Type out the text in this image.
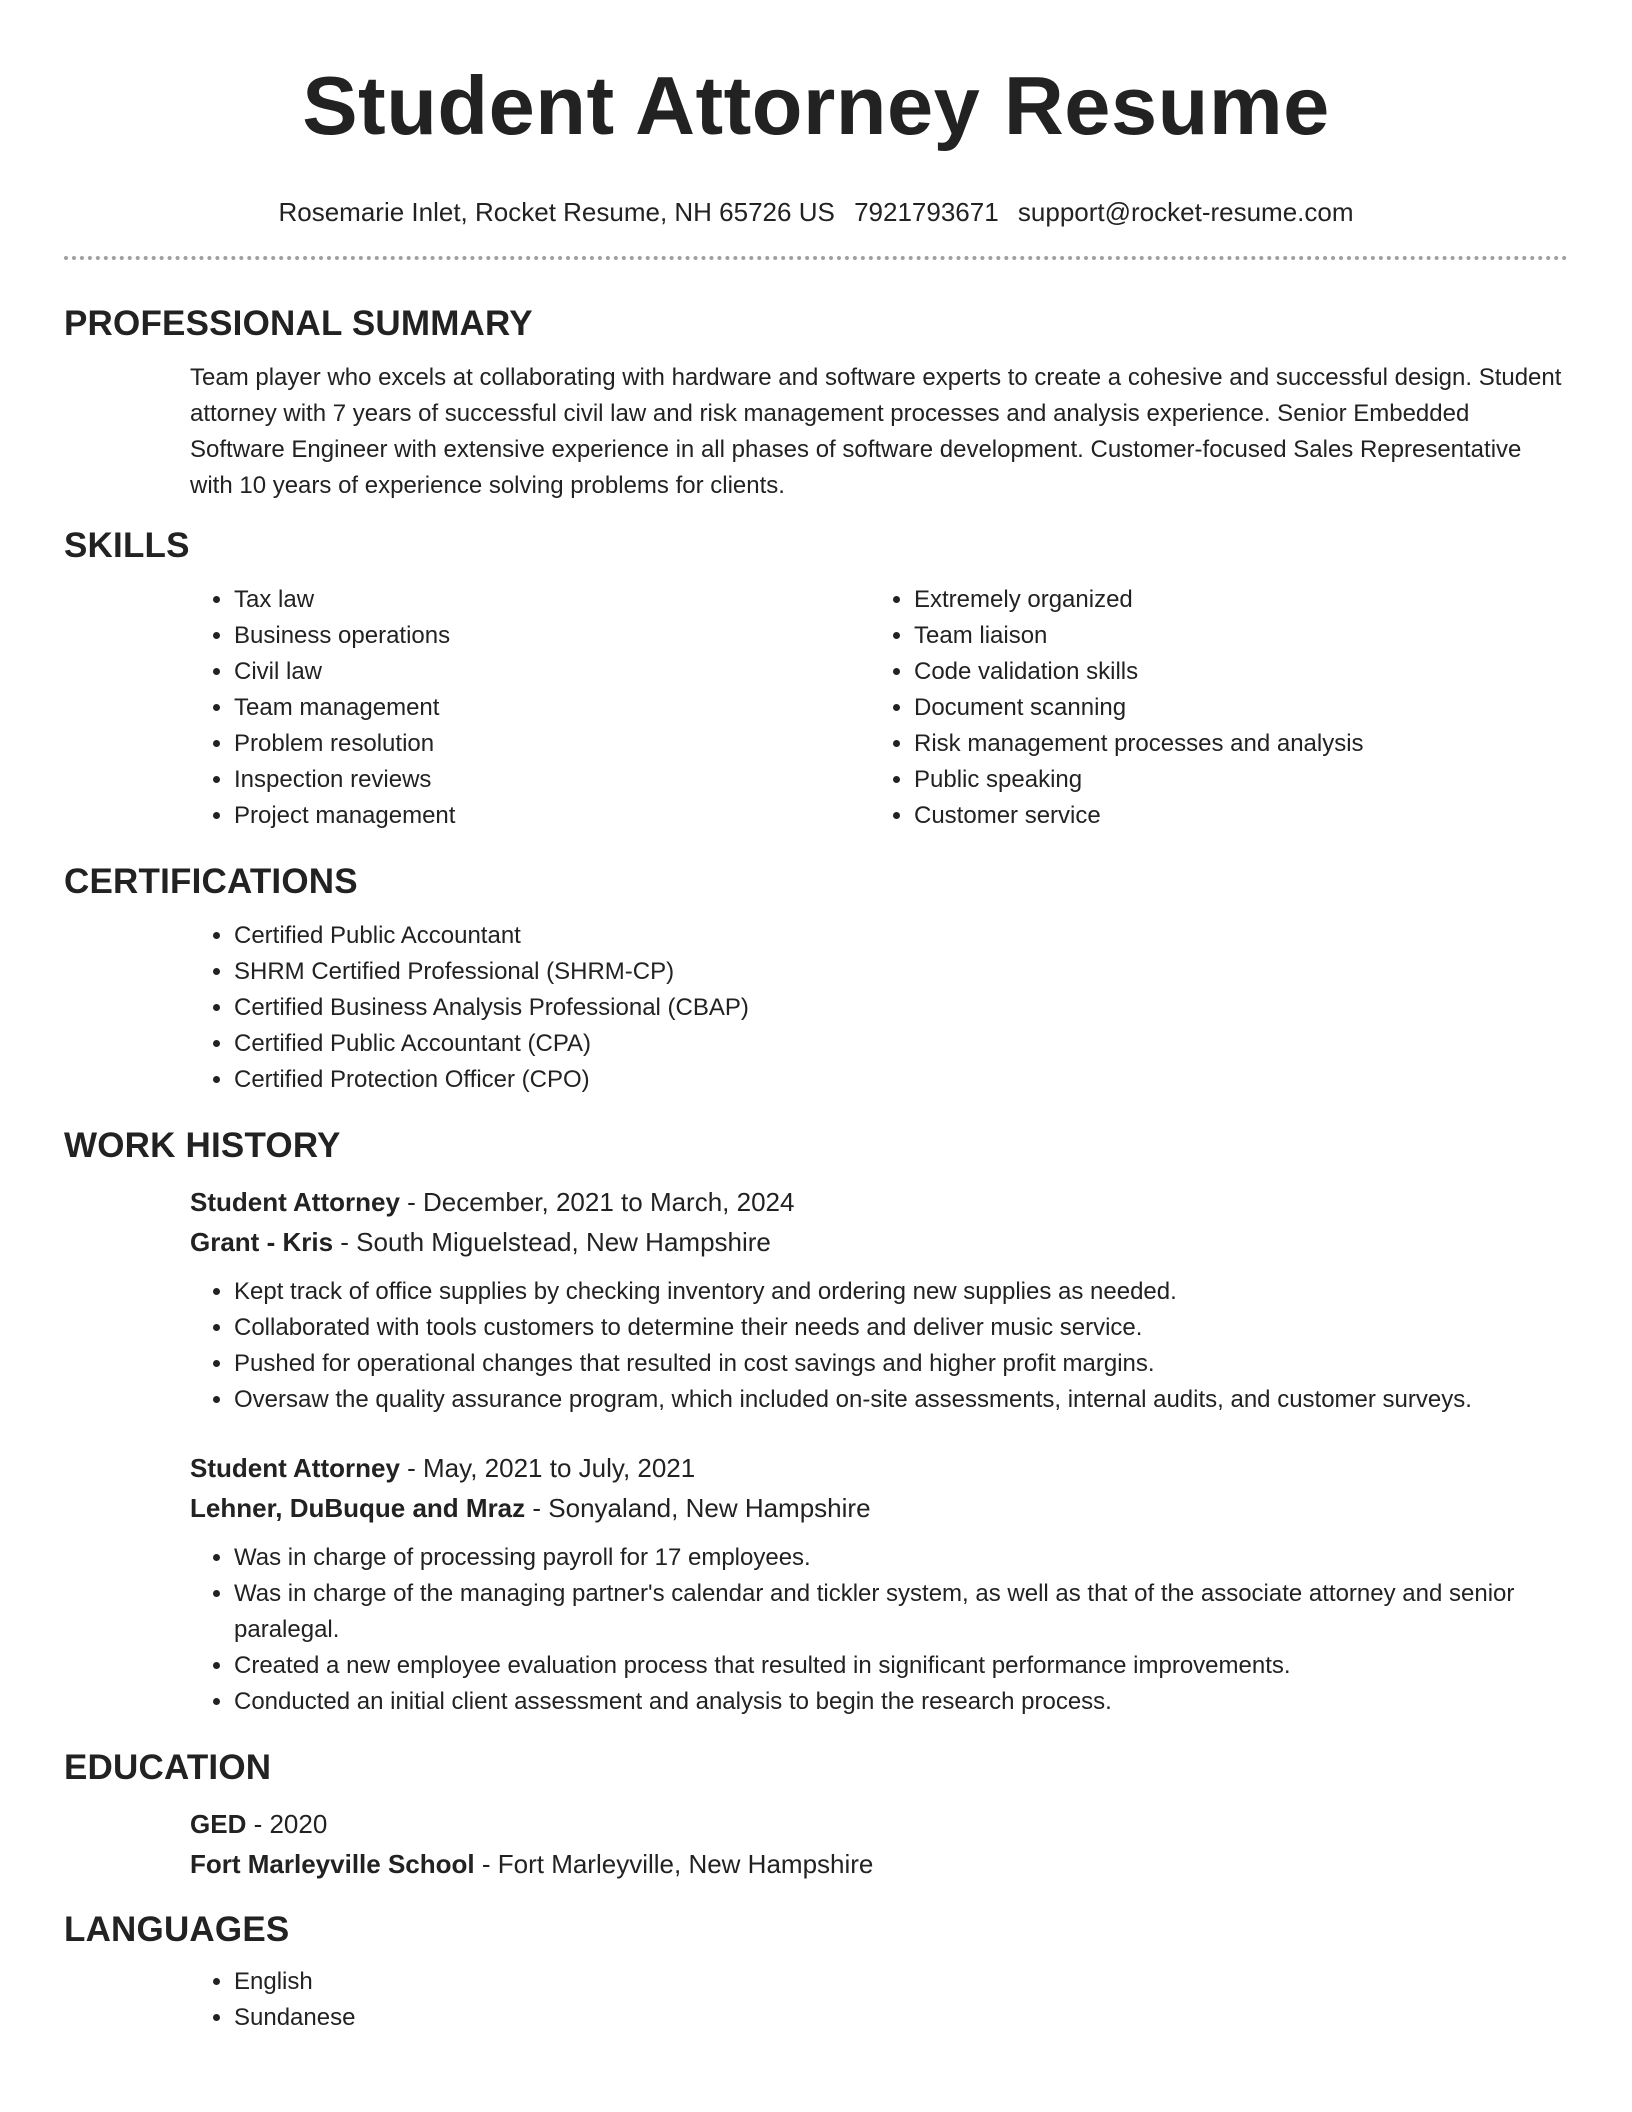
Student Attorney Resume
Rosemarie Inlet, Rocket Resume, NH 65726 US 7921793671 support@rocket-resume.com
PROFESSIONAL SUMMARY

Team player who excels at collaborating with hardware and software experts to create a cohesive and successful design. Student attorney with 7 years of successful civil law and risk management processes and analysis experience. Senior Embedded Software Engineer with extensive experience in all phases of software development. Customer-focused Sales Representative with 10 years of experience solving problems for clients.

SKILLS
• Tax law
• Business operations
• Civil law
• Team management
• Problem resolution
• Inspection reviews
• Project management
• Extremely organized
• Team liaison
• Code validation skills
• Document scanning
• Risk management processes and analysis
• Public speaking
• Customer service
CERTIFICATIONS
• Certified Public Accountant
• SHRM Certified Professional (SHRM-CP)
• Certified Business Analysis Professional (CBAP)
• Certified Public Accountant (CPA)
• Certified Protection Officer (CPO)
WORK HISTORY
Student Attorney - December, 2021 to March, 2024
Grant - Kris - South Miguelstead, New Hampshire
• Kept track of office supplies by checking inventory and ordering new supplies as needed.
• Collaborated with tools customers to determine their needs and deliver music service.
• Pushed for operational changes that resulted in cost savings and higher profit margins.
• Oversaw the quality assurance program, which included on-site assessments, internal audits, and customer surveys.
Student Attorney - May, 2021 to July, 2021
Lehner, DuBuque and Mraz - Sonyaland, New Hampshire
• Was in charge of processing payroll for 17 employees.
• Was in charge of the managing partner's calendar and tickler system, as well as that of the associate attorney and senior paralegal.
• Created a new employee evaluation process that resulted in significant performance improvements.
• Conducted an initial client assessment and analysis to begin the research process.
EDUCATION
GED - 2020
Fort Marleyville School - Fort Marleyville, New Hampshire
LANGUAGES
• English
• Sundanese
